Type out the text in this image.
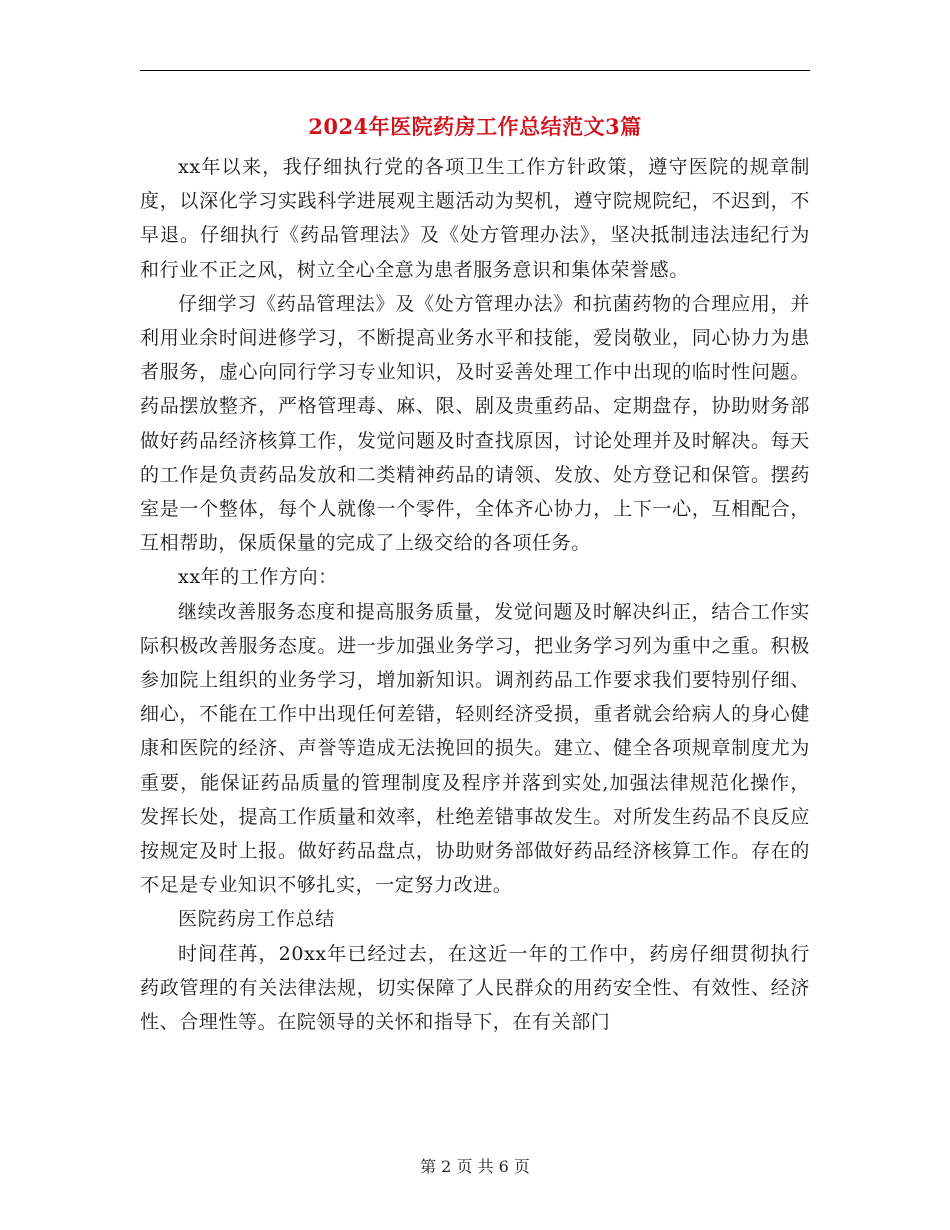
2024年医院药房工作总结范文3篇

xx年以来，我仔细执行党的各项卫生工作方针政策，遵守医院的规章制度，以深化学习实践科学进展观主题活动为契机，遵守院规院纪，不迟到，不早退。仔细执行《药品管理法》及《处方管理办法》，坚决抵制违法违纪行为和行业不正之风，树立全心全意为患者服务意识和集体荣誉感。

仔细学习《药品管理法》及《处方管理办法》和抗菌药物的合理应用，并利用业余时间进修学习，不断提高业务水平和技能，爱岗敬业，同心协力为患者服务，虚心向同行学习专业知识，及时妥善处理工作中出现的临时性问题。药品摆放整齐，严格管理毒、麻、限、剧及贵重药品、定期盘存，协助财务部做好药品经济核算工作，发觉问题及时查找原因，讨论处理并及时解决。每天的工作是负责药品发放和二类精神药品的请领、发放、处方登记和保管。摆药室是一个整体，每个人就像一个零件，全体齐心协力，上下一心，互相配合，互相帮助，保质保量的完成了上级交给的各项任务。

xx年的工作方向：

继续改善服务态度和提高服务质量，发觉问题及时解决纠正，结合工作实际积极改善服务态度。进一步加强业务学习，把业务学习列为重中之重。积极参加院上组织的业务学习，增加新知识。调剂药品工作要求我们要特别仔细、细心，不能在工作中出现任何差错，轻则经济受损，重者就会给病人的身心健康和医院的经济、声誉等造成无法挽回的损失。建立、健全各项规章制度尤为重要，能保证药品质量的管理制度及程序并落到实处,加强法律规范化操作，发挥长处，提高工作质量和效率，杜绝差错事故发生。对所发生药品不良反应按规定及时上报。做好药品盘点，协助财务部做好药品经济核算工作。存在的不足是专业知识不够扎实，一定努力改进。

医院药房工作总结

时间荏苒，20xx年已经过去，在这近一年的工作中，药房仔细贯彻执行药政管理的有关法律法规，切实保障了人民群众的用药安全性、有效性、经济性、合理性等。在院领导的关怀和指导下，在有关部门

第 2 页 共 6 页
